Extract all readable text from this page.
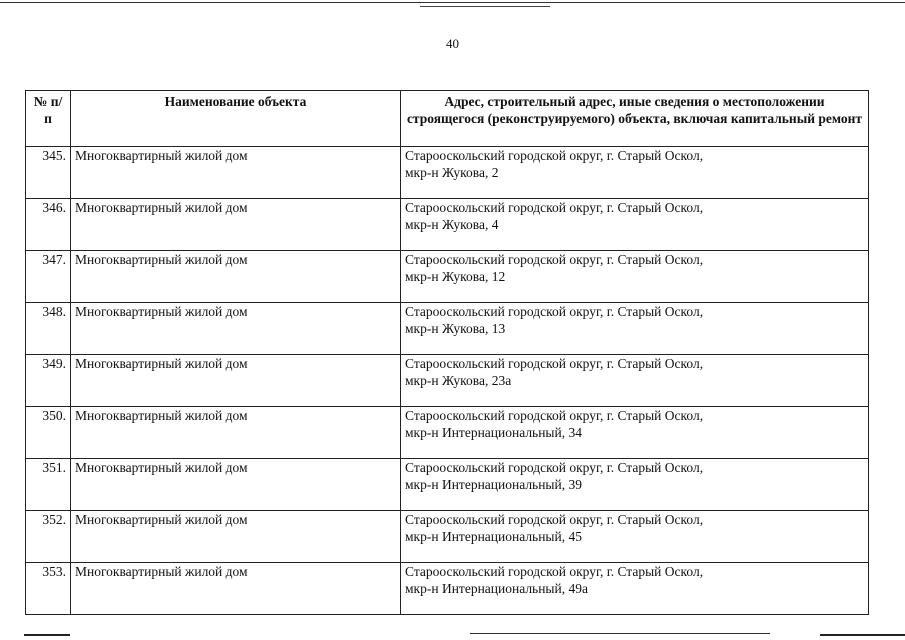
40
№ п/п	Наименование объекта	Адрес, строительный адрес, иные сведения о местоположении строящегося (реконструируемого) объекта, включая капитальный ремонт
345.	Многоквартирный жилой дом	Старооскольский городской округ, г. Старый Оскол,
мкр-н Жукова, 2

346.	Многоквартирный жилой дом	Старооскольский городской округ, г. Старый Оскол,
мкр-н Жукова, 4

347.	Многоквартирный жилой дом	Старооскольский городской округ, г. Старый Оскол,
мкр-н Жукова, 12

348.	Многоквартирный жилой дом	Старооскольский городской округ, г. Старый Оскол,
мкр-н Жукова, 13

349.	Многоквартирный жилой дом	Старооскольский городской округ, г. Старый Оскол,
мкр-н Жукова, 23а

350.	Многоквартирный жилой дом	Старооскольский городской округ, г. Старый Оскол,
мкр-н Интернациональный, 34

351.	Многоквартирный жилой дом	Старооскольский городской округ, г. Старый Оскол,
мкр-н Интернациональный, 39

352.	Многоквартирный жилой дом	Старооскольский городской округ, г. Старый Оскол,
мкр-н Интернациональный, 45

353.	Многоквартирный жилой дом	Старооскольский городской округ, г. Старый Оскол,
мкр-н Интернациональный, 49а
